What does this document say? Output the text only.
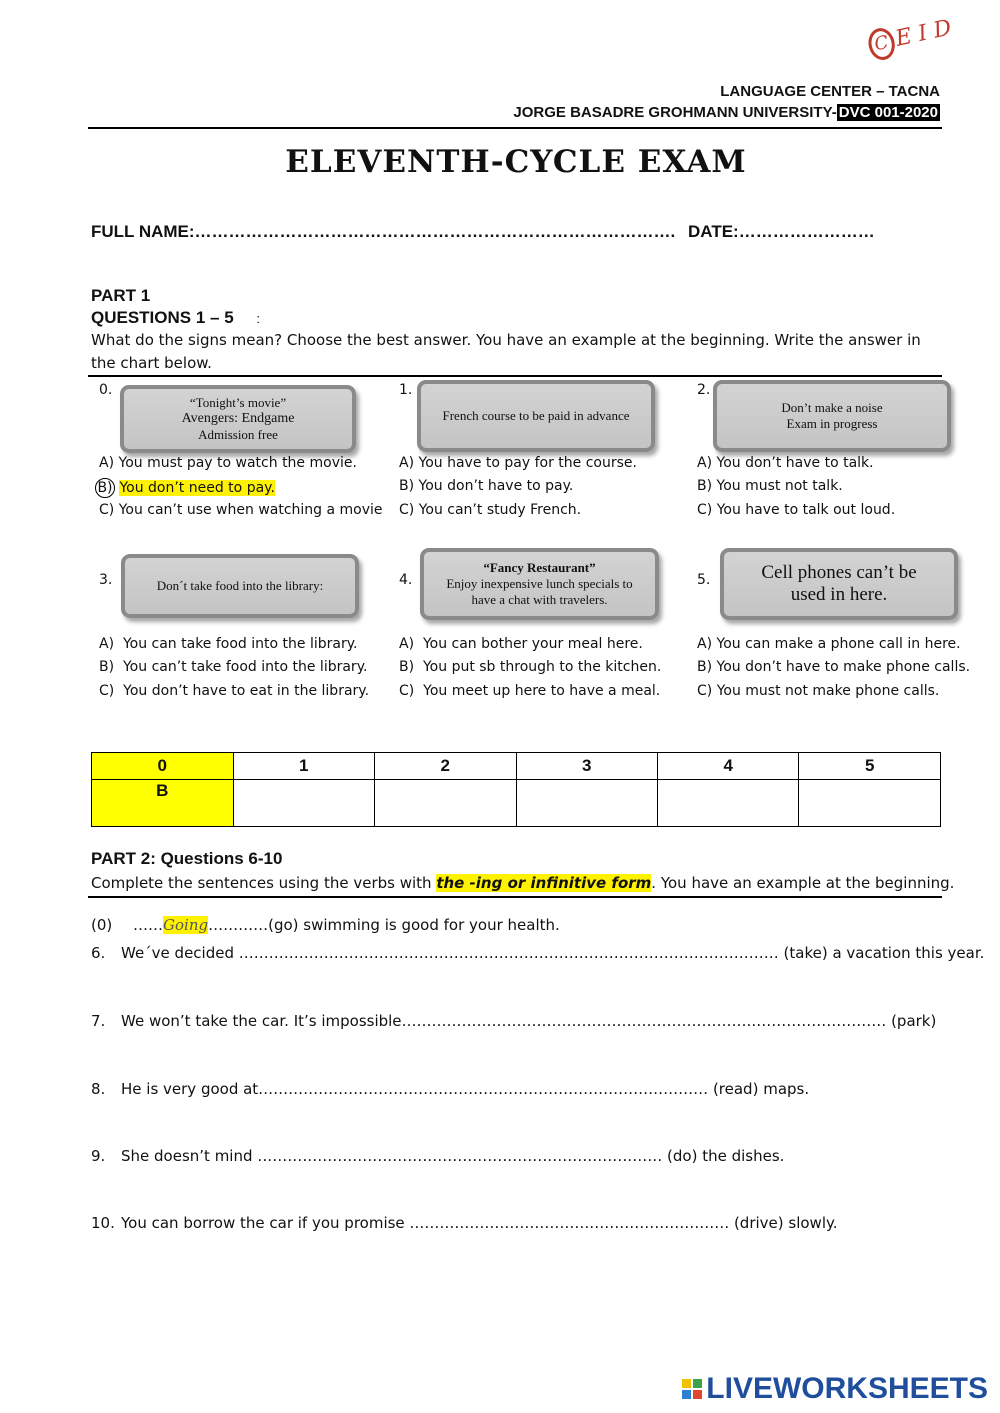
C E I D
LANGUAGE CENTER – TACNA
JORGE BASADRE GROHMANN UNIVERSITY- DVC 001-2020
ELEVENTH-CYCLE EXAM
FULL NAME:…………………………………………………………………………. DATE:……………………
PART 1
QUESTIONS 1 – 5 :
What do the signs mean? Choose the best answer. You have an example at the beginning. Write the answer in the chart below.
0.
“Tonight’s movie”
Avengers: Endgame
Admission free
A) You must pay to watch the movie.
B) You don’t need to pay.
C) You can’t use when watching a movie
1.
French course to be paid in advance
A) You have to pay for the course.
B) You don’t have to pay.
C) You can’t study French.
2.
Don’t make a noise
Exam in progress
A) You don’t have to talk.
B) You must not talk.
C) You have to talk out loud.
3.	Don´t take food into the library:
A) You can take food into the library.
B) You can’t take food into the library.
C) You don’t have to eat in the library.
4.
“Fancy Restaurant”
Enjoy inexpensive lunch specials to
have a chat with travelers.
A) You can bother your meal here.
B) You put sb through to the kitchen.
C) You meet up here to have a meal.
5.	Cell phones can’t be
used in here.
A) You can make a phone call in here.
B) You don’t have to make phone calls.
C) You must not make phone calls.
0	1	2	3	4	5
B					
PART 2: Questions 6-10
Complete the sentences using the verbs with the -ing or infinitive form. You have an example at the beginning.
(0) ……Going…………(go) swimming is good for your health.
6. We´ve decided ……………………………………………………………………………………………… (take) a vacation this year.
7. We won’t take the car. It’s impossible…………………………………………………………….……………………… (park)
8. He is very good at……………………………………………………………………………… (read) maps.
9. She doesn’t mind ……………………………………………………………………… (do) the dishes.
10. You can borrow the car if you promise ……………………………….……………………… (drive) slowly.
LIVEWORKSHEETS
